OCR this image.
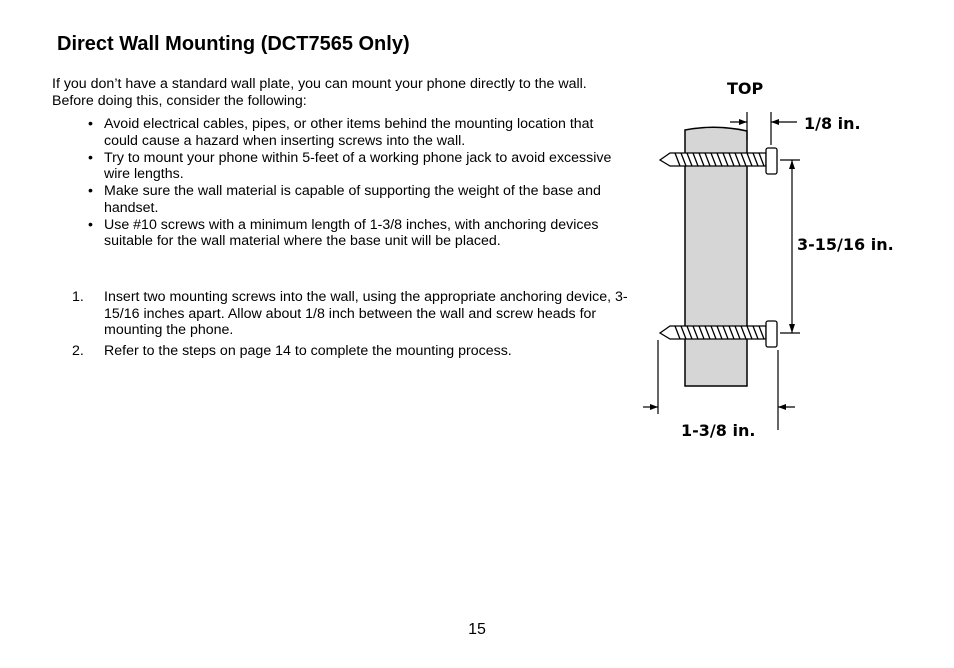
Direct Wall Mounting (DCT7565 Only)

If you don’t have a standard wall plate, you can mount your phone directly to the wall. Before doing this, consider the following:

• Avoid electrical cables, pipes, or other items behind the mounting location that could cause a hazard when inserting screws into the wall.
• Try to mount your phone within 5-feet of a working phone jack to avoid excessive wire lengths.
• Make sure the wall material is capable of supporting the weight of the base and handset.
• Use #10 screws with a minimum length of 1-3/8 inches, with anchoring devices suitable for the wall material where the base unit will be placed.
1. Insert two mounting screws into the wall, using the appropriate anchoring device, 3-15/16 inches apart. Allow about 1/8 inch between the wall and screw heads for mounting the phone.
2. Refer to the steps on page 14 to complete the mounting process.
TOP
1/8 in.
3-15/16 in.
1-3/8 in.

15
